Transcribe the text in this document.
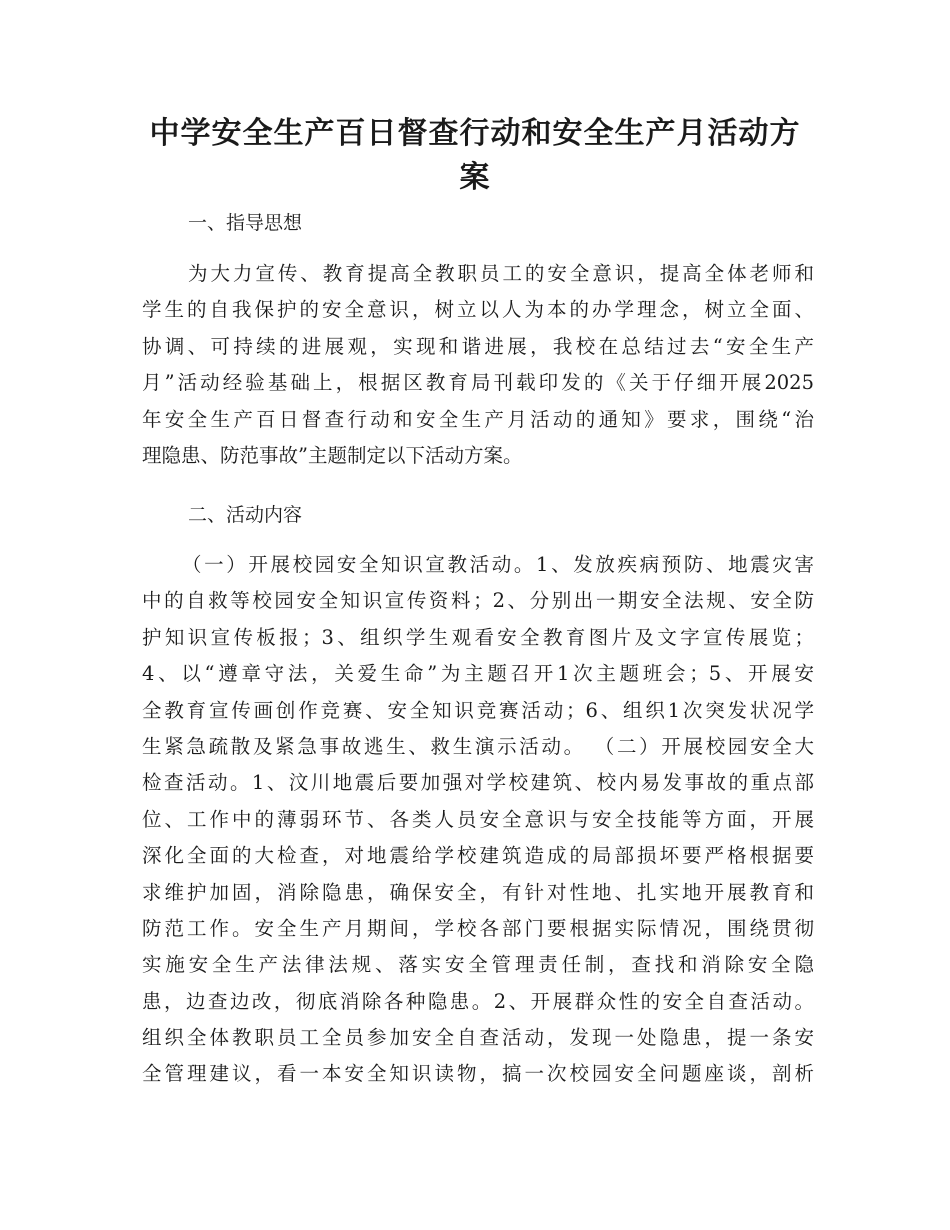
中学安全生产百日督查行动和安全生产月活动方
案
一、指导思想
为大力宣传、教育提高全教职员工的安全意识，提高全体老师和
学生的自我保护的安全意识，树立以人为本的办学理念，树立全面、
协调、可持续的进展观，实现和谐进展，我校在总结过去“安全生产
月”活动经验基础上，根据区教育局刊载印发的《关于仔细开展2025
年安全生产百日督查行动和安全生产月活动的通知》要求，围绕“治
理隐患、防范事故”主题制定以下活动方案。
二、活动内容
（一）开展校园安全知识宣教活动。1、发放疾病预防、地震灾害
中的自救等校园安全知识宣传资料；2、分别出一期安全法规、安全防
护知识宣传板报；3、组织学生观看安全教育图片及文字宣传展览；
4、以“遵章守法，关爱生命”为主题召开1次主题班会；5、开展安
全教育宣传画创作竞赛、安全知识竞赛活动；6、组织1次突发状况学
生紧急疏散及紧急事故逃生、救生演示活动。 （二）开展校园安全大
检查活动。1、汶川地震后要加强对学校建筑、校内易发事故的重点部
位、工作中的薄弱环节、各类人员安全意识与安全技能等方面，开展
深化全面的大检查，对地震给学校建筑造成的局部损坏要严格根据要
求维护加固，消除隐患，确保安全，有针对性地、扎实地开展教育和
防范工作。安全生产月期间，学校各部门要根据实际情况，围绕贯彻
实施安全生产法律法规、落实安全管理责任制，查找和消除安全隐
患，边查边改，彻底消除各种隐患。2、开展群众性的安全自查活动。
组织全体教职员工全员参加安全自查活动，发现一处隐患，提一条安
全管理建议，看一本安全知识读物，搞一次校园安全问题座谈，剖析
